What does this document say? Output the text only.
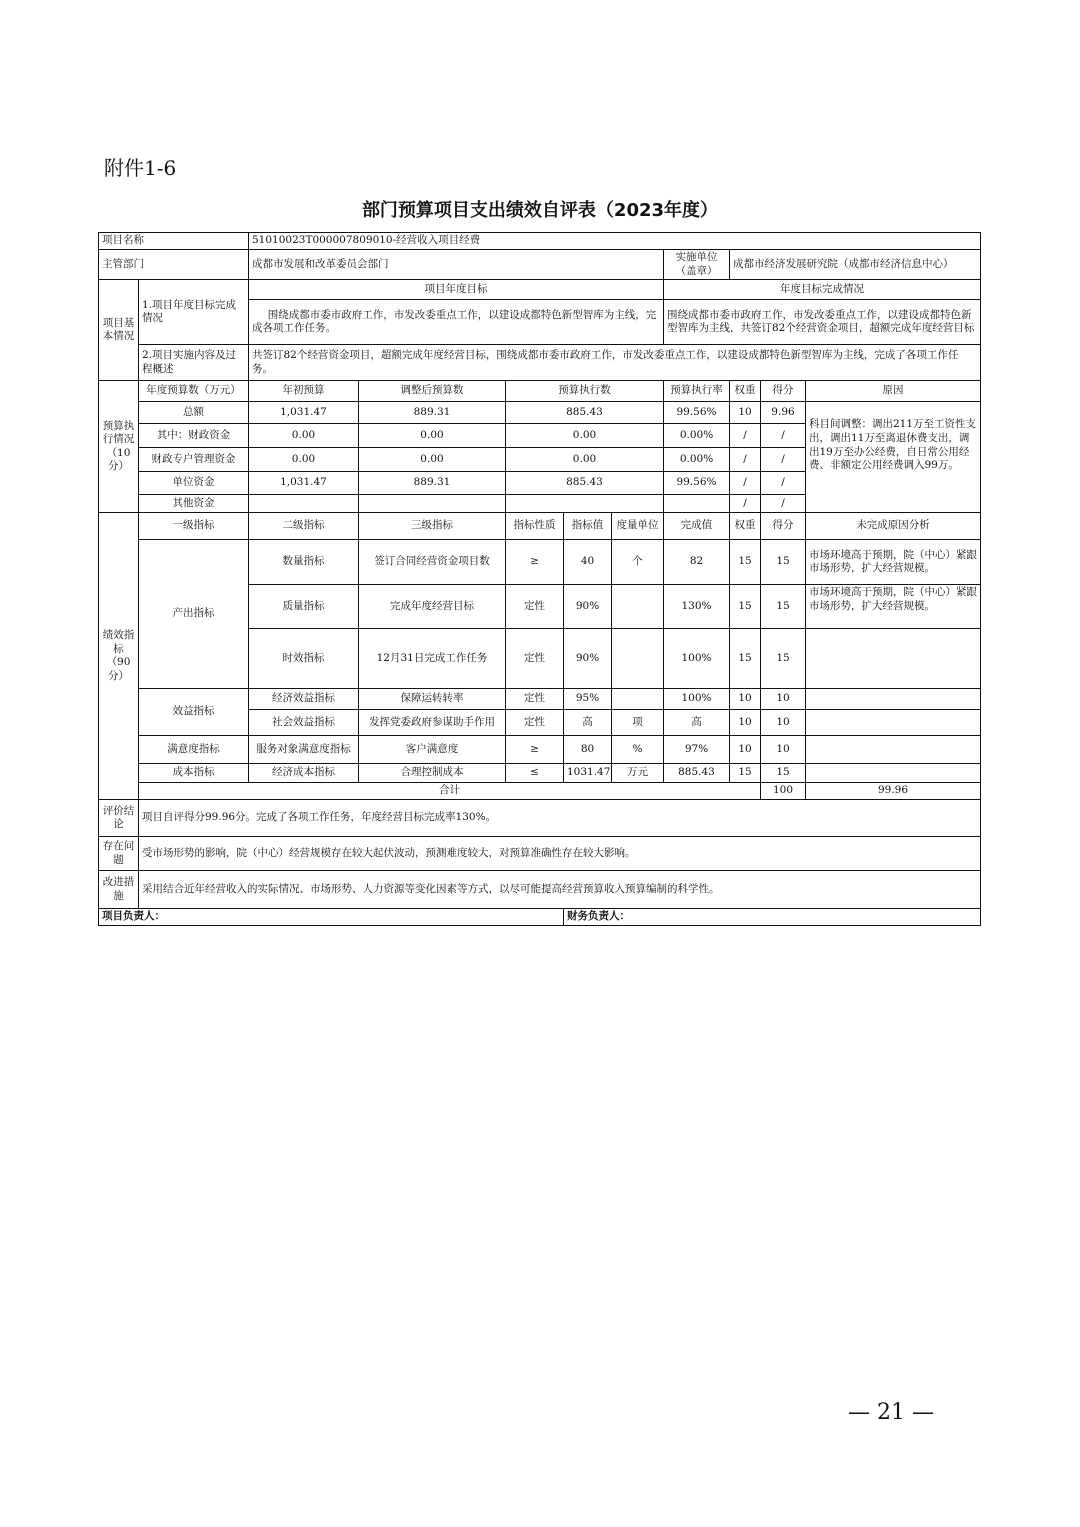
附件1-6
部门预算项目支出绩效自评表（2023年度）
项目名称		51010023T000007809010-经营收入项目经费									
主管部门		成都市发展和改革委员会部门					实施单位（盖章）	成都市经济发展研究院（成都市经济信息中心）			
项目基本情况	1.项目年度目标完成情况	项目年度目标					年度目标完成情况				
		围绕成都市委市政府工作，市发改委重点工作，以建设成都特色新型智库为主线，完成各项工作任务。					围绕成都市委市政府工作，市发改委重点工作，以建设成都特色新型智库为主线，共签订82个经营资金项目，超额完成年度经营目标				
	2.项目实施内容及过程概述	共签订82个经营资金项目，超额完成年度经营目标，围绕成都市委市政府工作，市发改委重点工作，以建设成都特色新型智库为主线，完成了各项工作任务。									
预算执行情况（10分）	年度预算数（万元）	年初预算	调整后预算数	预算执行数			预算执行率	权重	得分	原因	
	总额	1,031.47	889.31	885.43			99.56%	10	9.96	科目间调整：调出211万至工资性支出，调出11万至离退休费支出，调出19万至办公经费，自日常公用经费、非额定公用经费调入99万。	
	其中：财政资金	0.00	0.00	0.00			0.00%	/	/		
	财政专户管理资金	0.00	0.00	0.00			0.00%	/	/		
	单位资金	1,031.47	889.31	885.43			99.56%	/	/		
	其他资金							/	/		
绩效指标（90分）	一级指标	二级指标	三级指标	指标性质	指标值	度量单位	完成值	权重	得分	未完成原因分析	
	产出指标	数量指标	签订合同经营资金项目数	≥	40	个	82	15	15	市场环境高于预期，院（中心）紧跟市场形势，扩大经营规模。	
		质量指标	完成年度经营目标	定性	90%		130%	15	15	市场环境高于预期，院（中心）紧跟市场形势，扩大经营规模。	
		时效指标	12月31日完成工作任务	定性	90%		100%	15	15		
	效益指标	经济效益指标	保障运转转率	定性	95%		100%	10	10		
		社会效益指标	发挥党委政府参谋助手作用	定性	高	项	高	10	10		
	满意度指标	服务对象满意度指标	客户满意度	≥	80	%	97%	10	10		
	成本指标	经济成本指标	合理控制成本	≤	1031.47	万元	885.43	15	15		
	合计								100	99.96	
评价结论	项目自评得分99.96分。完成了各项工作任务，年度经营目标完成率130%。										
存在问题	受市场形势的影响，院（中心）经营规模存在较大起伏波动，预测难度较大，对预算准确性存在较大影响。										
改进措施	采用结合近年经营收入的实际情况、市场形势、人力资源等变化因素等方式，以尽可能提高经营预算收入预算编制的科学性。										
项目负责人：					财务负责人：						
— 21 —
